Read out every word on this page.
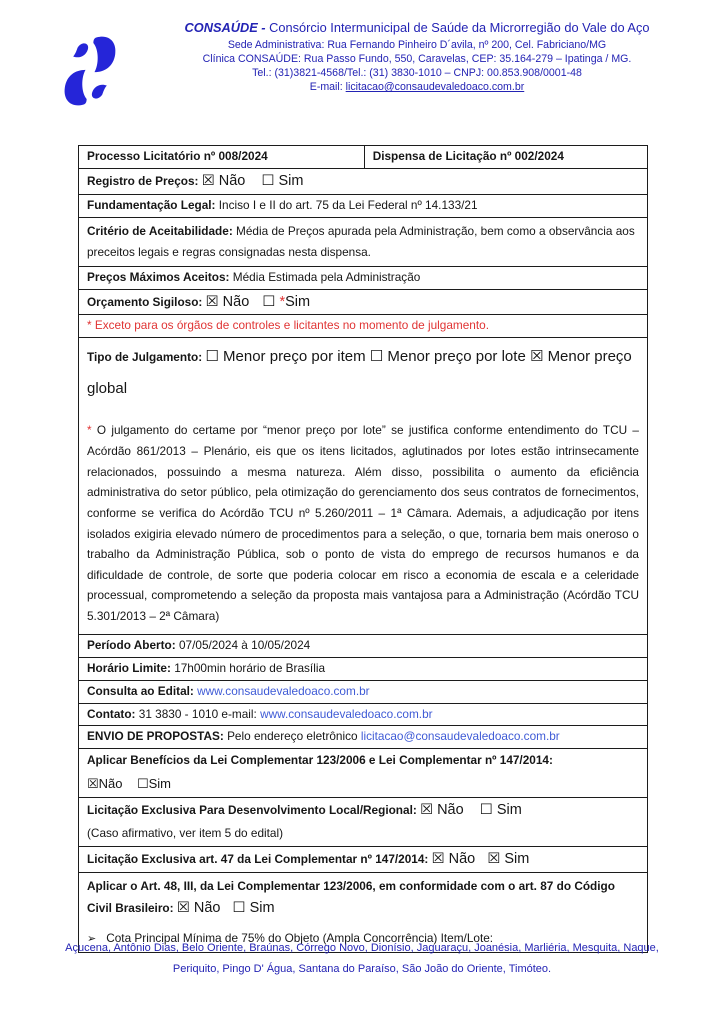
CONSAÚDE - Consórcio Intermunicipal de Saúde da Microrregião do Vale do Aço
Sede Administrativa: Rua Fernando Pinheiro D´avila, nº 200, Cel. Fabriciano/MG
Clínica CONSAÚDE: Rua Passo Fundo, 550, Caravelas, CEP: 35.164-279 – Ipatinga / MG.
Tel.: (31)3821-4568/Tel.: (31) 3830-1010 – CNPJ: 00.853.908/0001-48
E-mail: licitacao@consaudevaledoaco.com.br
Processo Licitatório nº 008/2024	Dispensa de Licitação nº 002/2024
Registro de Preços: ☒ Não    ☐ Sim
Fundamentação Legal: Inciso I e II do art. 75 da Lei Federal nº 14.133/21
Critério de Aceitabilidade: Média de Preços apurada pela Administração, bem como a observância aos preceitos legais e regras consignadas nesta dispensa.
Preços Máximos Aceitos: Média Estimada pela Administração
Orçamento Sigiloso: ☒ Não ☐ *Sim
* Exceto para os órgãos de controles e licitantes no momento de julgamento.
Tipo de Julgamento: ☐ Menor preço por item ☐ Menor preço por lote ☒ Menor preço global
* O julgamento do certame por “menor preço por lote” se justifica conforme entendimento do TCU – Acórdão 861/2013 – Plenário, eis que os itens licitados, aglutinados por lotes estão intrinsecamente relacionados, possuindo a mesma natureza. Além disso, possibilita o aumento da eficiência administrativa do setor público, pela otimização do gerenciamento dos seus contratos de fornecimentos, conforme se verifica do Acórdão TCU nº 5.260/2011 – 1ª Câmara. Ademais, a adjudicação por itens isolados exigiria elevado número de procedimentos para a seleção, o que, tornaria bem mais oneroso o trabalho da Administração Pública, sob o ponto de vista do emprego de recursos humanos e da dificuldade de controle, de sorte que poderia colocar em risco a economia de escala e a celeridade processual, comprometendo a seleção da proposta mais vantajosa para a Administração (Acórdão TCU 5.301/2013 – 2ª Câmara)
Período Aberto: 07/05/2024 à 10/05/2024
Horário Limite: 17h00min horário de Brasília
Consulta ao Edital: www.consaudevaledoaco.com.br
Contato: 31 3830 - 1010 e-mail: www.consaudevaledoaco.com.br
ENVIO DE PROPOSTAS: Pelo endereço eletrônico licitacao@consaudevaledoaco.com.br
Aplicar Benefícios da Lei Complementar 123/2006 e Lei Complementar nº 147/2014:
☒Não    ☐Sim
Licitação Exclusiva Para Desenvolvimento Local/Regional: ☒ Não    ☐ Sim
(Caso afirmativo, ver item 5 do edital)
Licitação Exclusiva art. 47 da Lei Complementar nº 147/2014: ☒ Não   ☒ Sim
Aplicar o Art. 48, III, da Lei Complementar 123/2006, em conformidade com o art. 87 do Código Civil Brasileiro: ☒ Não   ☐ Sim
➢ Cota Principal Mínima de 75% do Objeto (Ampla Concorrência) Item/Lote:
Açucena, Antônio Dias, Belo Oriente, Braúnas, Córrego Novo, Dionísio, Jaguaraçu, Joanésia, Marliéria, Mesquita, Naque,
Periquito, Pingo D' Água, Santana do Paraíso, São João do Oriente, Timóteo.
